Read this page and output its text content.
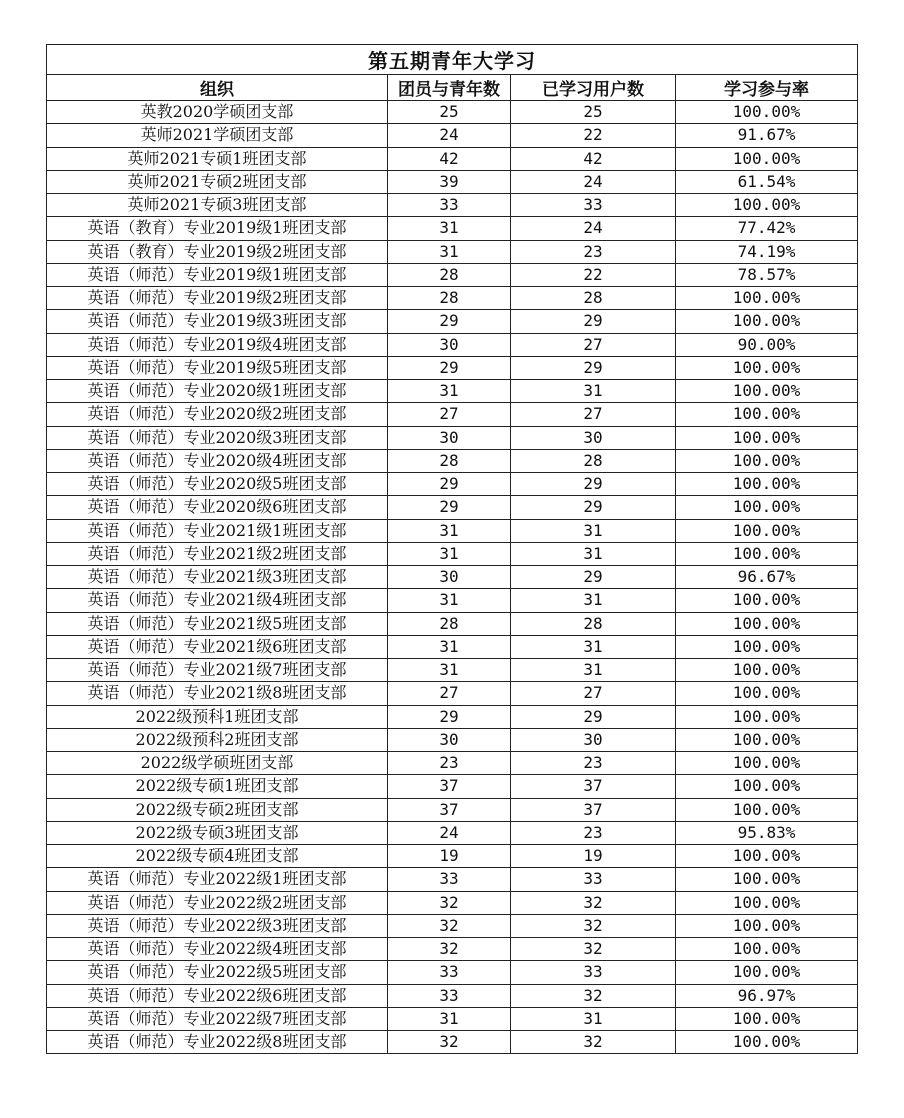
第五期青年大学习			
组织	团员与青年数	已学习用户数	学习参与率
英教2020学硕团支部	25	25	100.00%
英师2021学硕团支部	24	22	91.67%
英师2021专硕1班团支部	42	42	100.00%
英师2021专硕2班团支部	39	24	61.54%
英师2021专硕3班团支部	33	33	100.00%
英语（教育）专业2019级1班团支部	31	24	77.42%
英语（教育）专业2019级2班团支部	31	23	74.19%
英语（师范）专业2019级1班团支部	28	22	78.57%
英语（师范）专业2019级2班团支部	28	28	100.00%
英语（师范）专业2019级3班团支部	29	29	100.00%
英语（师范）专业2019级4班团支部	30	27	90.00%
英语（师范）专业2019级5班团支部	29	29	100.00%
英语（师范）专业2020级1班团支部	31	31	100.00%
英语（师范）专业2020级2班团支部	27	27	100.00%
英语（师范）专业2020级3班团支部	30	30	100.00%
英语（师范）专业2020级4班团支部	28	28	100.00%
英语（师范）专业2020级5班团支部	29	29	100.00%
英语（师范）专业2020级6班团支部	29	29	100.00%
英语（师范）专业2021级1班团支部	31	31	100.00%
英语（师范）专业2021级2班团支部	31	31	100.00%
英语（师范）专业2021级3班团支部	30	29	96.67%
英语（师范）专业2021级4班团支部	31	31	100.00%
英语（师范）专业2021级5班团支部	28	28	100.00%
英语（师范）专业2021级6班团支部	31	31	100.00%
英语（师范）专业2021级7班团支部	31	31	100.00%
英语（师范）专业2021级8班团支部	27	27	100.00%
2022级预科1班团支部	29	29	100.00%
2022级预科2班团支部	30	30	100.00%
2022级学硕班团支部	23	23	100.00%
2022级专硕1班团支部	37	37	100.00%
2022级专硕2班团支部	37	37	100.00%
2022级专硕3班团支部	24	23	95.83%
2022级专硕4班团支部	19	19	100.00%
英语（师范）专业2022级1班团支部	33	33	100.00%
英语（师范）专业2022级2班团支部	32	32	100.00%
英语（师范）专业2022级3班团支部	32	32	100.00%
英语（师范）专业2022级4班团支部	32	32	100.00%
英语（师范）专业2022级5班团支部	33	33	100.00%
英语（师范）专业2022级6班团支部	33	32	96.97%
英语（师范）专业2022级7班团支部	31	31	100.00%
英语（师范）专业2022级8班团支部	32	32	100.00%
